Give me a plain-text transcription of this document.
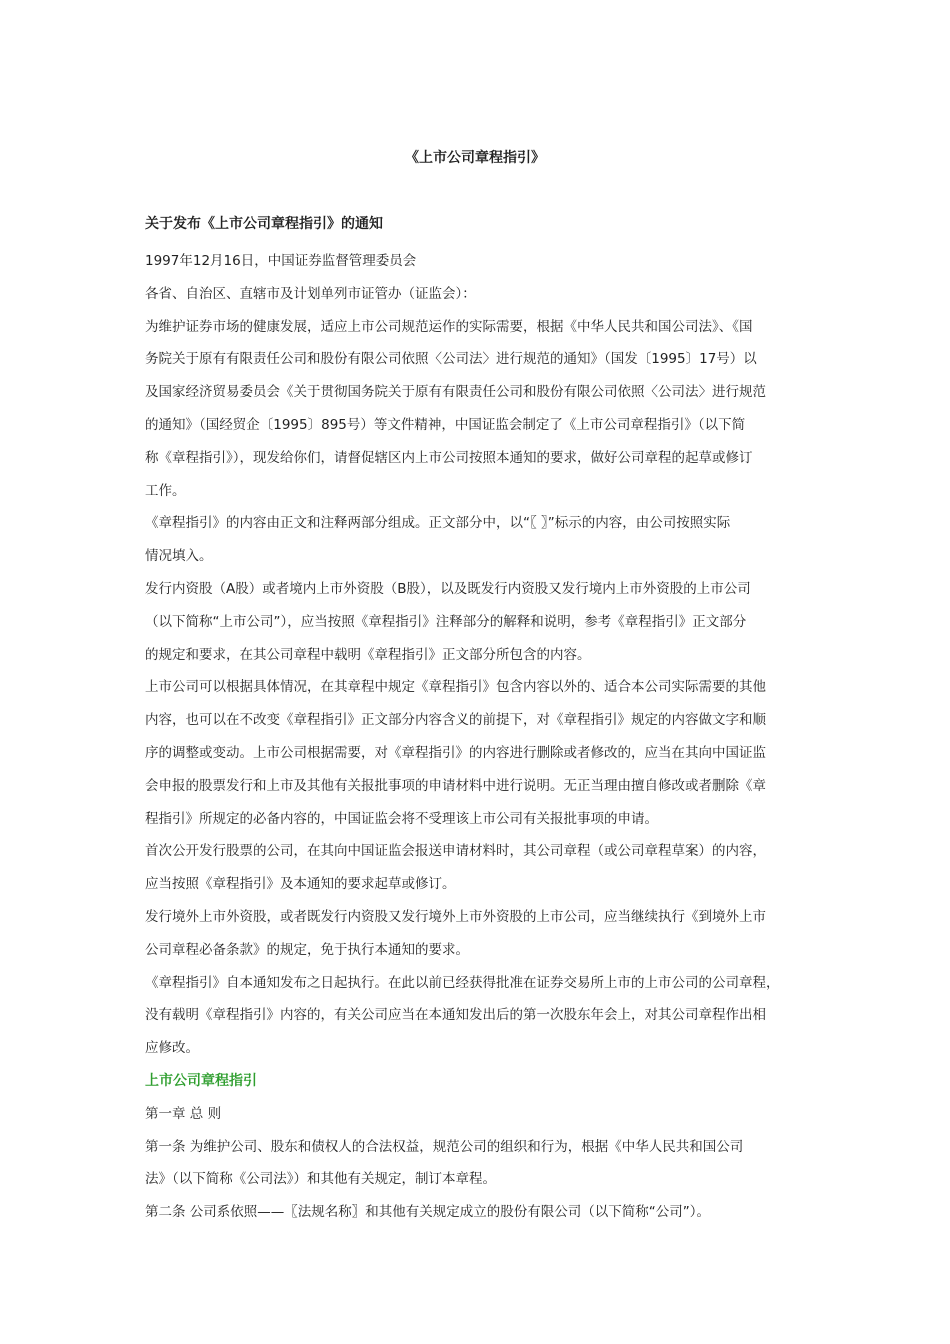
《上市公司章程指引》
关于发布《上市公司章程指引》的通知

1997年12月16日，中国证券监督管理委员会

各省、自治区、直辖市及计划单列市证管办（证监会）：

为维护证券市场的健康发展，适应上市公司规范运作的实际需要，根据《中华人民共和国公司法》、《国
务院关于原有有限责任公司和股份有限公司依照〈公司法〉进行规范的通知》（国发〔1995〕17号）以
及国家经济贸易委员会《关于贯彻国务院关于原有有限责任公司和股份有限公司依照〈公司法〉进行规范
的通知》（国经贸企〔1995〕895号）等文件精神，中国证监会制定了《上市公司章程指引》（以下简
称《章程指引》），现发给你们，请督促辖区内上市公司按照本通知的要求，做好公司章程的起草或修订
工作。

《章程指引》的内容由正文和注释两部分组成。正文部分中，以“〖 〗”标示的内容，由公司按照实际
情况填入。

发行内资股（A股）或者境内上市外资股（B股），以及既发行内资股又发行境内上市外资股的上市公司
（以下简称“上市公司”），应当按照《章程指引》注释部分的解释和说明，参考《章程指引》正文部分
的规定和要求，在其公司章程中载明《章程指引》正文部分所包含的内容。

上市公司可以根据具体情况，在其章程中规定《章程指引》包含内容以外的、适合本公司实际需要的其他
内容，也可以在不改变《章程指引》正文部分内容含义的前提下，对《章程指引》规定的内容做文字和顺
序的调整或变动。上市公司根据需要，对《章程指引》的内容进行删除或者修改的，应当在其向中国证监
会申报的股票发行和上市及其他有关报批事项的申请材料中进行说明。无正当理由擅自修改或者删除《章
程指引》所规定的必备内容的，中国证监会将不受理该上市公司有关报批事项的申请。

首次公开发行股票的公司，在其向中国证监会报送申请材料时，其公司章程（或公司章程草案）的内容，
应当按照《章程指引》及本通知的要求起草或修订。

发行境外上市外资股，或者既发行内资股又发行境外上市外资股的上市公司，应当继续执行《到境外上市
公司章程必备条款》的规定，免于执行本通知的要求。

《章程指引》自本通知发布之日起执行。在此以前已经获得批准在证券交易所上市的上市公司的公司章程，
没有载明《章程指引》内容的，有关公司应当在本通知发出后的第一次股东年会上，对其公司章程作出相
应修改。

上市公司章程指引

第一章 总 则

第一条 为维护公司、股东和债权人的合法权益，规范公司的组织和行为，根据《中华人民共和国公司
法》（以下简称《公司法》）和其他有关规定，制订本章程。

第二条 公司系依照——〖法规名称〗和其他有关规定成立的股份有限公司（以下简称“公司”）。
